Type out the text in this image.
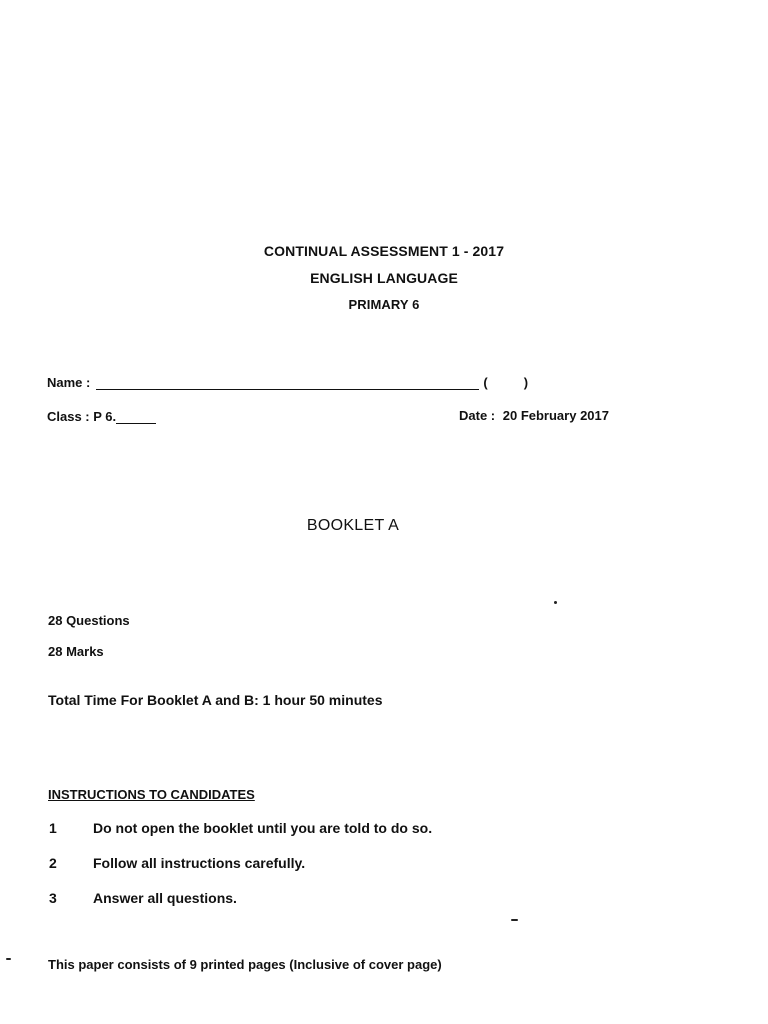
CONTINUAL ASSESSMENT 1 - 2017
ENGLISH LANGUAGE
PRIMARY 6
Name :	(	)
Class : P 6.	Date : 20 February 2017
BOOKLET A
28 Questions
28 Marks
Total Time For Booklet A and B: 1 hour 50 minutes
INSTRUCTIONS TO CANDIDATES
1	Do not open the booklet until you are told to do so.
2	Follow all instructions carefully.
3	Answer all questions.
This paper consists of 9 printed pages (Inclusive of cover page)
